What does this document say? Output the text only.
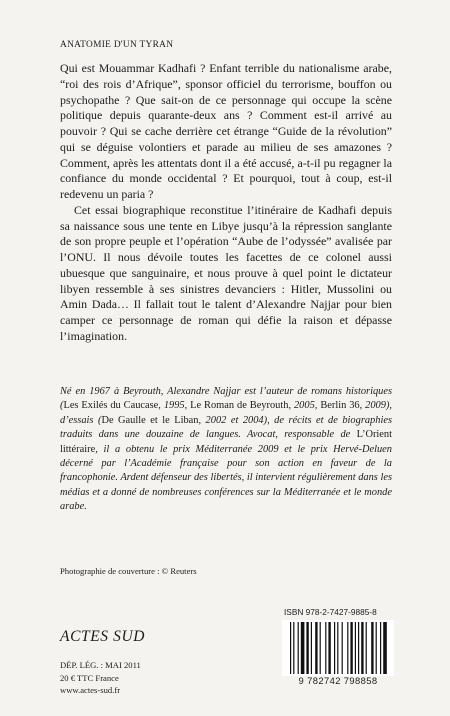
ANATOMIE D'UN TYRAN

Qui est Mouammar Kadhafi ? Enfant terrible du nationalisme arabe, “roi des rois d’Afrique”, sponsor officiel du terrorisme, bouffon ou psychopathe ? Que sait-on de ce personnage qui occupe la scène politique depuis quarante-deux ans ? Comment est-il arrivé au pouvoir ? Qui se cache derrière cet étrange “Guide de la révolution” qui se déguise volontiers et parade au milieu de ses amazones ? Comment, après les attentats dont il a été accusé, a-t-il pu regagner la confiance du monde occidental ? Et pourquoi, tout à coup, est-il redevenu un paria ?

Cet essai biographique reconstitue l’itinéraire de Kadhafi depuis sa naissance sous une tente en Libye jusqu’à la répression sanglante de son propre peuple et l’opération “Aube de l’odyssée” avalisée par l’ONU. Il nous dévoile toutes les facettes de ce colonel aussi ubuesque que sanguinaire, et nous prouve à quel point le dictateur libyen ressemble à ses sinistres devanciers : Hitler, Mussolini ou Amin Dada… Il fallait tout le talent d’Alexandre Najjar pour bien camper ce personnage de roman qui défie la raison et dépasse l’imagination.

Né en 1967 à Beyrouth, Alexandre Najjar est l’auteur de romans historiques (Les Exilés du Caucase, 1995, Le Roman de Beyrouth, 2005, Berlin 36, 2009), d’essais (De Gaulle et le Liban, 2002 et 2004), de récits et de biographies traduits dans une douzaine de langues. Avocat, responsable de L’Orient littéraire, il a obtenu le prix Méditerranée 2009 et le prix Hervé-Deluen décerné par l’Académie française pour son action en faveur de la francophonie. Ardent défenseur des libertés, il intervient régulièrement dans les médias et a donné de nombreuses conférences sur la Méditerranée et le monde arabe.

Photographie de couverture : © Reuters
ACTES SUD
DÉP. LÉG. : MAI 2011
20 € TTC France
www.actes-sud.fr
ISBN 978-2-7427-9885-8
9 782742 798858
